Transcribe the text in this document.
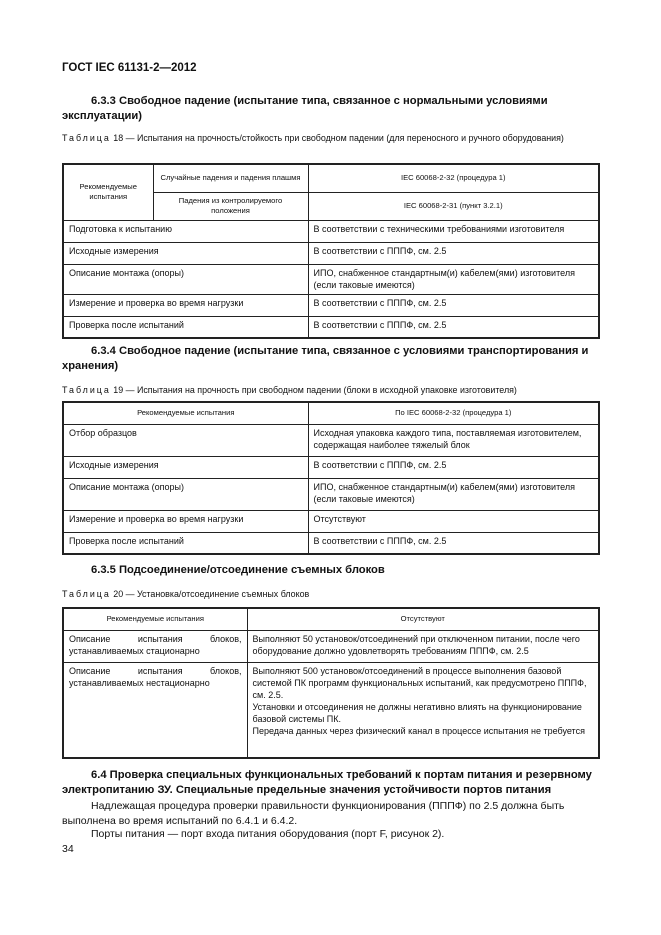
ГОСТ IEC 61131-2—2012
6.3.3 Свободное падение (испытание типа, связанное с нормальными условиями эксплуатации)
Таблица 18 — Испытания на прочность/стойкость при свободном падении (для переносного и ручного оборудования)
Рекомендуемые испытания	Случайные падения и падения плашмя	IEC 60068-2-32 (процедура 1)
	Падения из контролируемого положения	IEC 60068-2-31 (пункт 3.2.1)
Подготовка к испытанию		В соответствии с техническими требованиями изготовителя
Исходные измерения		В соответствии с ПППФ, см. 2.5
Описание монтажа (опоры)		ИПО, снабженное стандартным(и) кабелем(ями) изготовителя (если таковые имеются)
Измерение и проверка во время нагрузки		В соответствии с ПППФ, см. 2.5
Проверка после испытаний		В соответствии с ПППФ, см. 2.5
6.3.4 Свободное падение (испытание типа, связанное с условиями транспортирования и хранения)
Таблица 19 — Испытания на прочность при свободном падении (блоки в исходной упаковке изготовителя)
Рекомендуемые испытания	По IEC 60068-2-32 (процедура 1)
Отбор образцов	Исходная упаковка каждого типа, поставляемая изготовителем, содержащая наиболее тяжелый блок
Исходные измерения	В соответствии с ПППФ, см. 2.5
Описание монтажа (опоры)	ИПО, снабженное стандартным(и) кабелем(ями) изготовителя (если таковые имеются)
Измерение и проверка во время нагрузки	Отсутствуют
Проверка после испытаний	В соответствии с ПППФ, см. 2.5
6.3.5 Подсоединение/отсоединение съемных блоков
Таблица 20 — Установка/отсоединение съемных блоков
Рекомендуемые испытания	Отсутствуют
Описание испытания блоков, устанавливаемых стационарно	Выполняют 50 установок/отсоединений при отключенном питании, после чего оборудование должно удовлетворять требованиям ПППФ, см. 2.5
Описание испытания блоков, устанавливаемых нестационарно	Выполняют 500 установок/отсоединений в процессе выполнения базовой системой ПК программ функциональных испытаний, как предусмотрено ПППФ, см. 2.5.
Установки и отсоединения не должны негативно влиять на функционирование базовой системы ПК.
Передача данных через физический канал в процессе испытания не требуется
6.4 Проверка специальных функциональных требований к портам питания и резервному электропитанию ЗУ. Специальные предельные значения устойчивости портов питания
Надлежащая процедура проверки правильности функционирования (ПППФ) по 2.5 должна быть выполнена во время испытаний по 6.4.1 и 6.4.2.
Порты питания — порт входа питания оборудования (порт F, рисунок 2).
34
